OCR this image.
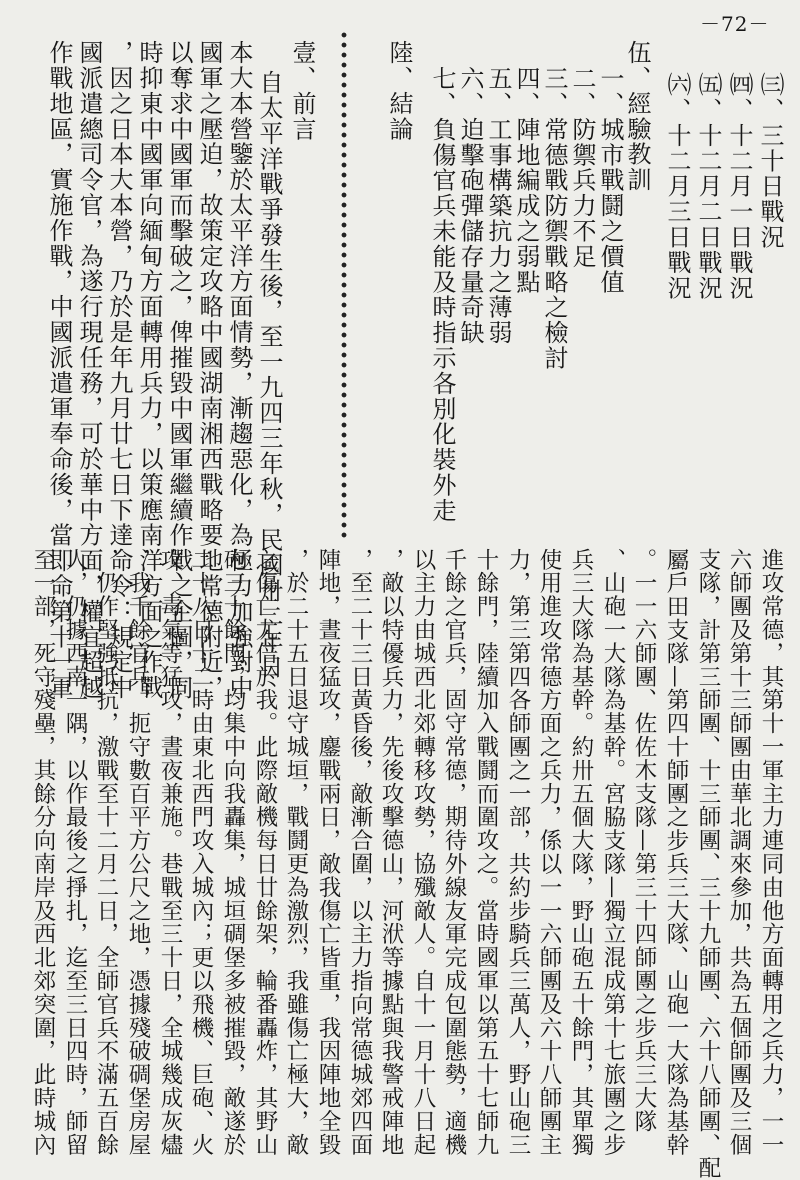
－72－
㈢、三十日戰況
㈣、十二月一日戰況
㈤、十二月二日戰況
㈥、十二月三日戰況
伍、經驗教訓
一、城市戰鬪之價值
二、防禦兵力不足
三、常德戰防禦戰略之檢討
四、陣地編成之弱點
五、工事構築抗力之薄弱
六、迫擊砲彈儲存量奇缺
七、負傷官兵未能及時指示各別化裝外走
陸、結論
壹、前言
自太平洋戰爭發生後，至一九四三年秋，民國卅二年日
本大本營鑒於太平洋方面情勢，漸趨惡化，為極力加強對中
國軍之壓迫，故策定攻略中國湖南湘西戰略要地常德附近，
以奪求中國軍而擊破之，俾摧毀中國軍繼續作戰之企圖，同
時抑東中國軍向緬甸方面轉用兵力，以策應南洋方面之作戰
，因之日本大本營，乃於是年九月廿七日下達命令：規定中
國派遣總司令官，為遂行現任務，可於華中方面，權宜超越
作戰地區，實施作戰，中國派遣軍奉命後，當即命第十一軍
進攻常德，其第十一軍主力連同由他方面轉用之兵力，一一
六師團及第十三師團由華北調來參加，共為五個師團及三個
支隊，計第三師團、十三師團、三十九師團、六十八師團、配
屬戶田支隊—第四十師團之步兵三大隊、山砲一大隊為基幹
。一一六師團、佐佐木支隊—第三十四師團之步兵三大隊
、山砲一大隊為基幹。宮脇支隊—獨立混成第十七旅團之步
兵三大隊為基幹。約卅五個大隊，野山砲五十餘門，其單獨
使用進攻常德方面之兵力，係以一一六師團及六十八師團主
力，第三第四各師團之一部，共約步騎兵三萬人，野山砲三
十餘門，陸續加入戰鬪而圍攻之。當時國軍以第五十七師九
千餘之官兵，固守常德，期待外線友軍完成包圍態勢，適機
以主力由城西北郊轉移攻勢，協殲敵人。自十一月十八日起
，敵以特優兵力，先後攻擊德山，河洑等據點與我警戒陣地
，至二十三日黃昏後，敵漸合圍，以主力指向常德城郊四面
陣地，晝夜猛攻，鏖戰兩日，敵我傷亡皆重，我因陣地全毀
，於二十五日退守城垣，戰鬪更為激烈，我雖傷亡極大，敵
之傷亡尤倍於我。此際敵機每日廿餘架，輪番轟炸，其野山
砲三十餘門，均集中向我轟集，城垣碉堡多被摧毀，敵遂於
二十八日十二時由東北西門攻入城內；更以飛機、巨砲、火
攻、毒氣等猛攻，晝夜兼施。巷戰至三十日，全城幾成灰燼
，我千餘官兵，扼守數百平方公尺之地，憑據殘破碉堡房屋
，仍作堅強抵抗，激戰至十二月二日，全師官兵不滿五百餘
人，仍據西南一隅，以作最後之掙扎，迄至三日四時，師留
至一部，死守殘壘，其餘分向南岸及西北郊突圍，此時城內
